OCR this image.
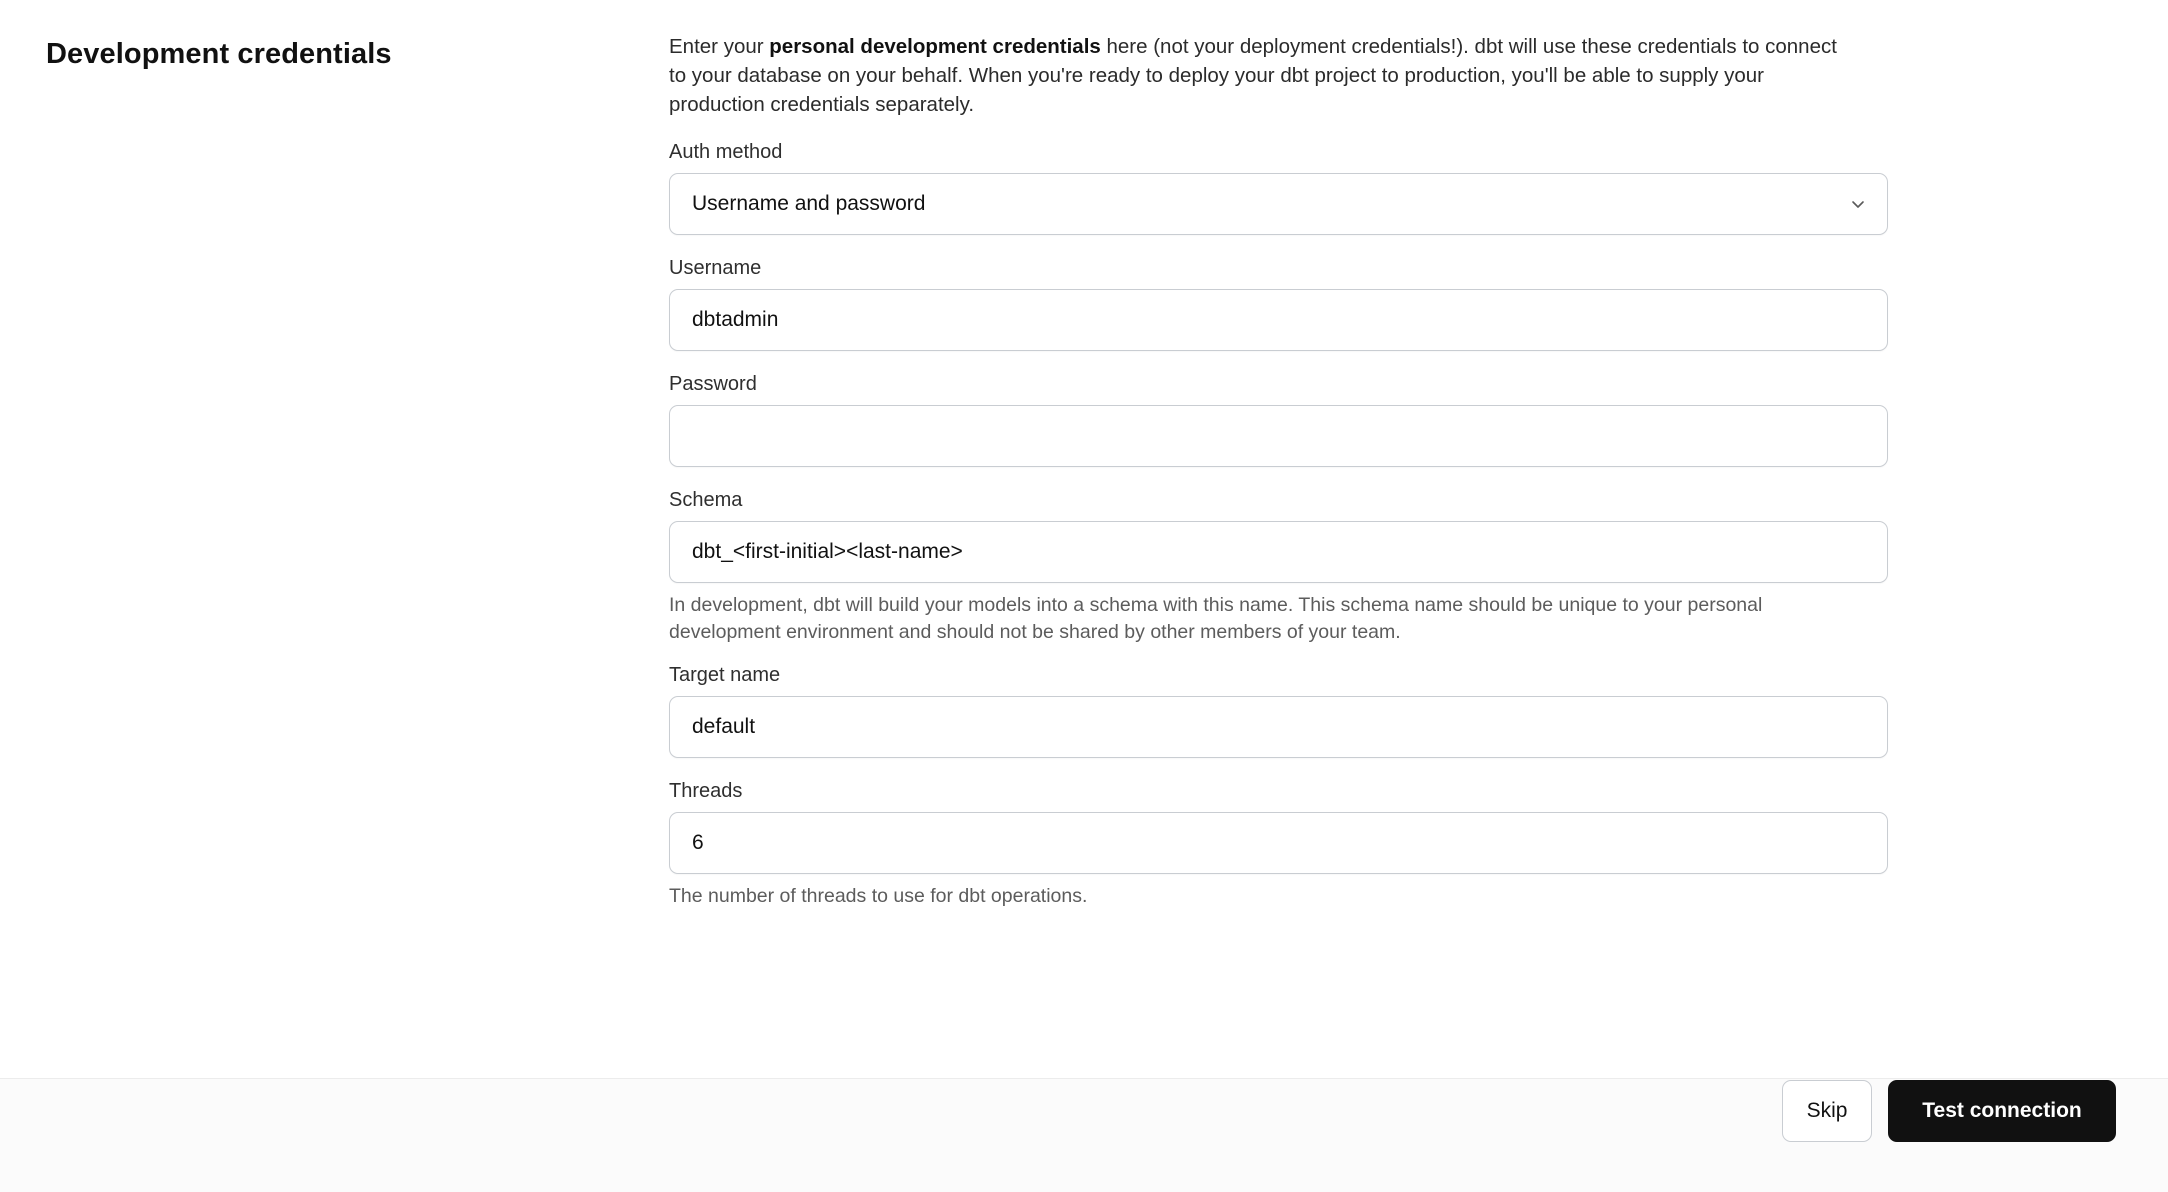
Development credentials	Enter your personal development credentials here (not your deployment credentials!). dbt will use these credentials to connect to your database on your behalf. When you're ready to deploy your dbt project to production, you'll be able to supply your production credentials separately.

Auth method
Username and password
Username
dbtadmin
Password
Schema
dbt_<first-initial><last-name>
In development, dbt will build your models into a schema with this name. This schema name should be unique to your personal development environment and should not be shared by other members of your team.
Target name
default
Threads
6
The number of threads to use for dbt operations.
Skip	Test connection
